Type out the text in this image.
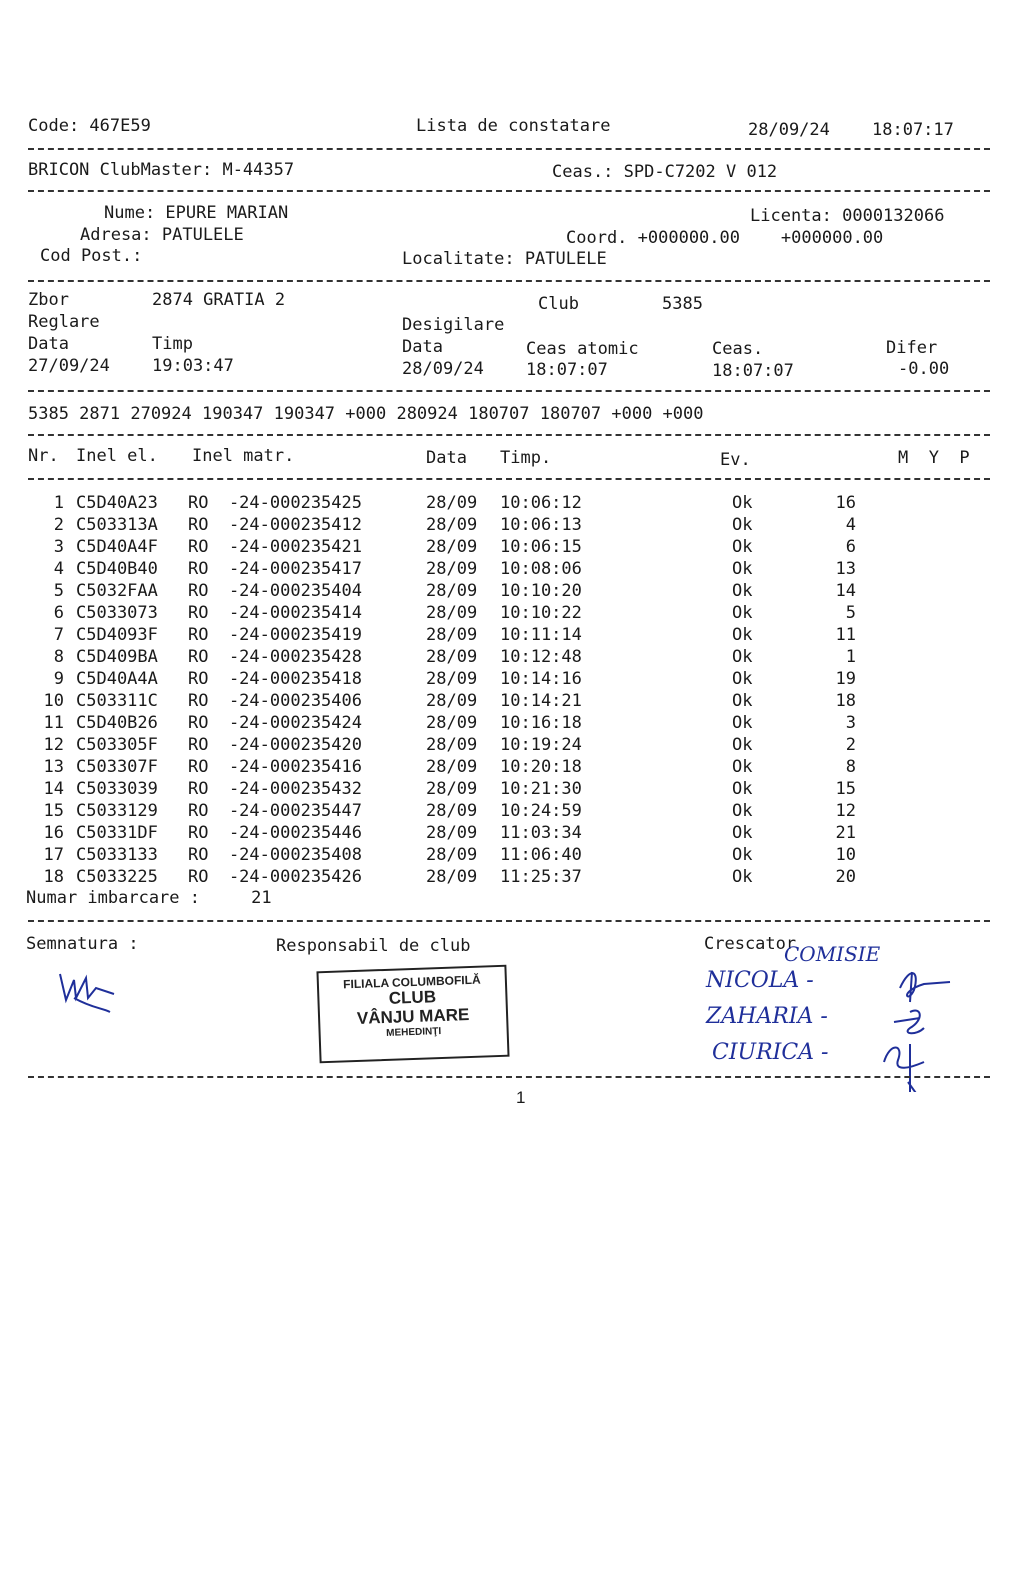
Code: 467E59	Lista de constatare	28/09/24 18:07:17
BRICON ClubMaster: M-44357	Ceas.: SPD-C7202 V 012
Nume: EPURE MARIAN	Licenta: 0000132066
Adresa: PATULELE	Coord. +000000.00    +000000.00
Cod Post.:	Localitate: PATULELE
Zbor	2874 GRATIA 2	Club	5385
Reglare	Desigilare
Data	Timp	Data	Ceas atomic	Ceas.	Difer
27/09/24 19:03:47	28/09/24 18:07:07	18:07:07	-0.00
5385 2871 270924 190347 190347 +000 280924 180707 180707 +000 +000
Nr. Inel el. Inel matr.	Data Timp.	Ev.	M  Y  P
1 C5D40A23 RO  -24-000235425	28/09 10:06:12	Ok	16
2 C503313A RO  -24-000235412	28/09 10:06:13	Ok	4
3 C5D40A4F RO  -24-000235421	28/09 10:06:15	Ok	6
4 C5D40B40 RO  -24-000235417	28/09 10:08:06	Ok	13
5 C5032FAA RO  -24-000235404	28/09 10:10:20	Ok	14
6 C5033073 RO  -24-000235414	28/09 10:10:22	Ok	5
7 C5D4093F RO  -24-000235419	28/09 10:11:14	Ok	11
8 C5D409BA RO  -24-000235428	28/09 10:12:48	Ok	1
9 C5D40A4A RO  -24-000235418	28/09 10:14:16	Ok	19
10 C503311C RO  -24-000235406	28/09 10:14:21	Ok	18
11 C5D40B26 RO  -24-000235424	28/09 10:16:18	Ok	3
12 C503305F RO  -24-000235420	28/09 10:19:24	Ok	2
13 C503307F RO  -24-000235416	28/09 10:20:18	Ok	8
14 C5033039 RO  -24-000235432	28/09 10:21:30	Ok	15
15 C5033129 RO  -24-000235447	28/09 10:24:59	Ok	12
16 C50331DF RO  -24-000235446	28/09 11:03:34	Ok	21
17 C5033133 RO  -24-000235408	28/09 11:06:40	Ok	10
18 C5033225 RO  -24-000235426	28/09 11:25:37	Ok	20
Numar imbarcare :     21
Semnatura :	Responsabil de club	Crescator
FILIALA COLUMBOFILĂ
CLUB
VÂNJU MARE
MEHEDINŢI
COMISIE
NICOLA -
ZAHARIA -
CIURICA -
1
